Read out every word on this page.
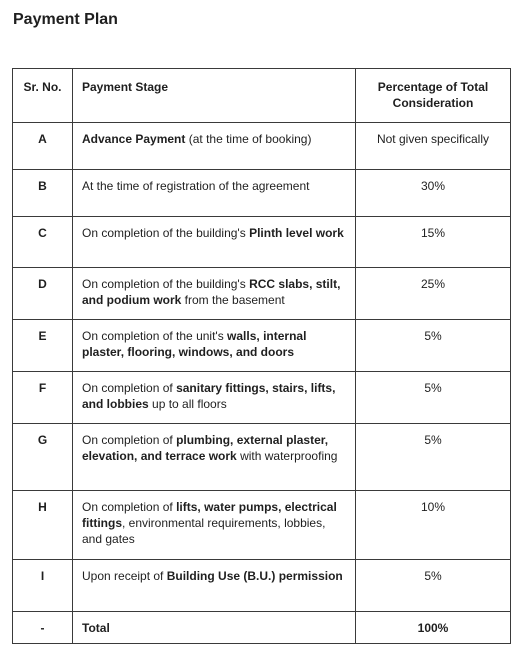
Payment Plan
Sr. No.	Payment Stage	Percentage of Total Consideration
A	Advance Payment (at the time of booking)	Not given specifically
B	At the time of registration of the agreement	30%
C	On completion of the building's Plinth level work	15%
D	On completion of the building's RCC slabs, stilt, and podium work from the basement	25%
E	On completion of the unit's walls, internal plaster, flooring, windows, and doors	5%
F	On completion of sanitary fittings, stairs, lifts, and lobbies up to all floors	5%
G	On completion of plumbing, external plaster, elevation, and terrace work with waterproofing	5%
H	On completion of lifts, water pumps, electrical fittings, environmental requirements, lobbies, and gates	10%
I	Upon receipt of Building Use (B.U.) permission	5%
-	Total	100%
